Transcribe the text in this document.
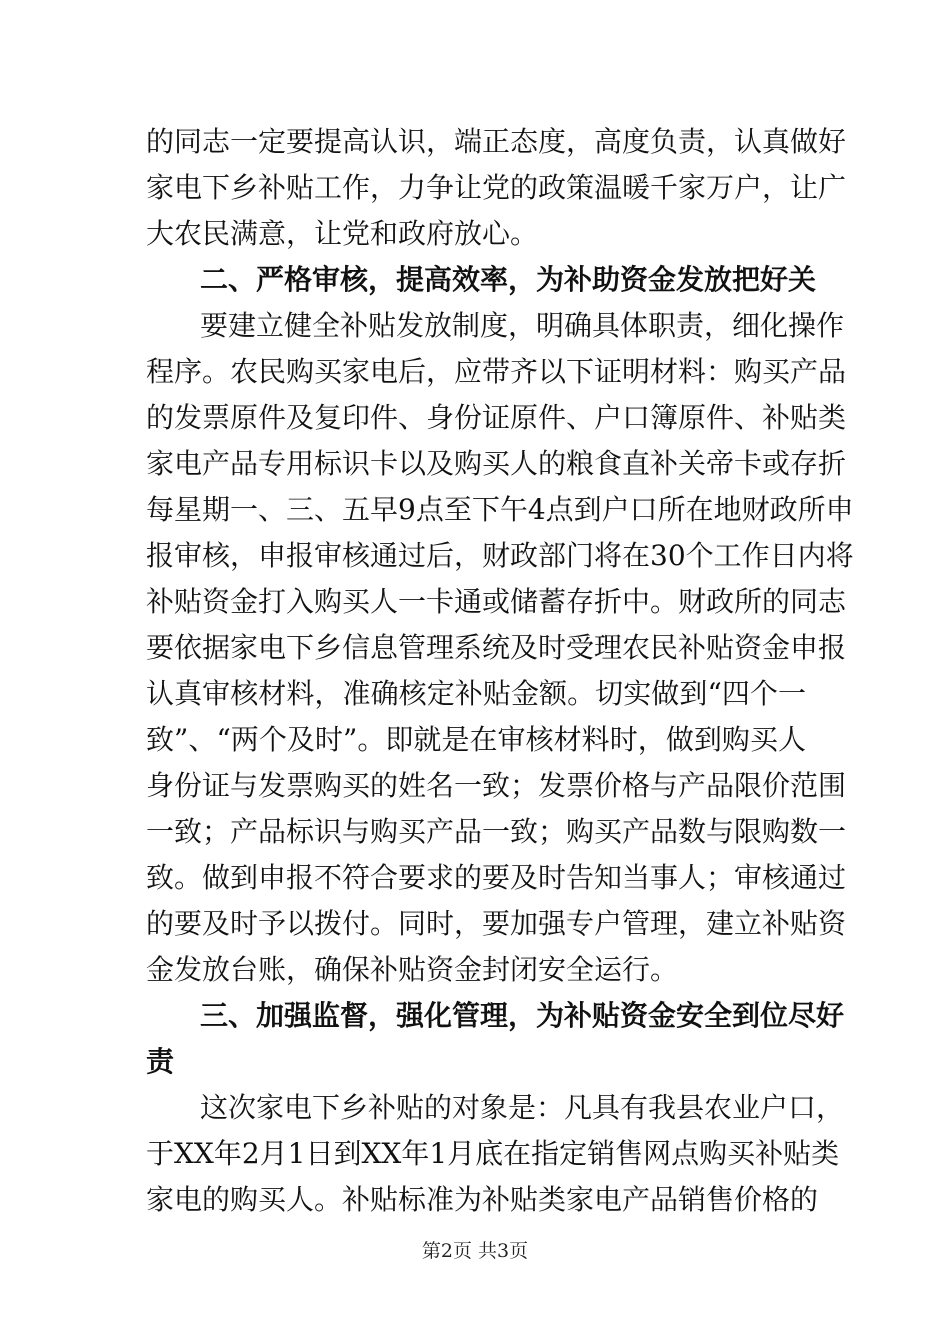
的同志一定要提高认识，端正态度，高度负责，认真做好
家电下乡补贴工作，力争让党的政策温暖千家万户，让广
大农民满意，让党和政府放心。
二、严格审核，提高效率，为补助资金发放把好关
要建立健全补贴发放制度，明确具体职责，细化操作
程序。农民购买家电后，应带齐以下证明材料：购买产品
的发票原件及复印件、身份证原件、户口簿原件、补贴类
家电产品专用标识卡以及购买人的粮食直补关帝卡或存折
每星期一、三、五早9点至下午4点到户口所在地财政所申
报审核，申报审核通过后，财政部门将在30个工作日内将
补贴资金打入购买人一卡通或储蓄存折中。财政所的同志
要依据家电下乡信息管理系统及时受理农民补贴资金申报
认真审核材料，准确核定补贴金额。切实做到“四个一
致”、“两个及时”。即就是在审核材料时，做到购买人
身份证与发票购买的姓名一致；发票价格与产品限价范围
一致；产品标识与购买产品一致；购买产品数与限购数一
致。做到申报不符合要求的要及时告知当事人；审核通过
的要及时予以拨付。同时，要加强专户管理，建立补贴资
金发放台账，确保补贴资金封闭安全运行。
三、加强监督，强化管理，为补贴资金安全到位尽好
责
这次家电下乡补贴的对象是：凡具有我县农业户口，
于XX年2月1日到XX年1月底在指定销售网点购买补贴类
家电的购买人。补贴标准为补贴类家电产品销售价格的
第2页 共3页
